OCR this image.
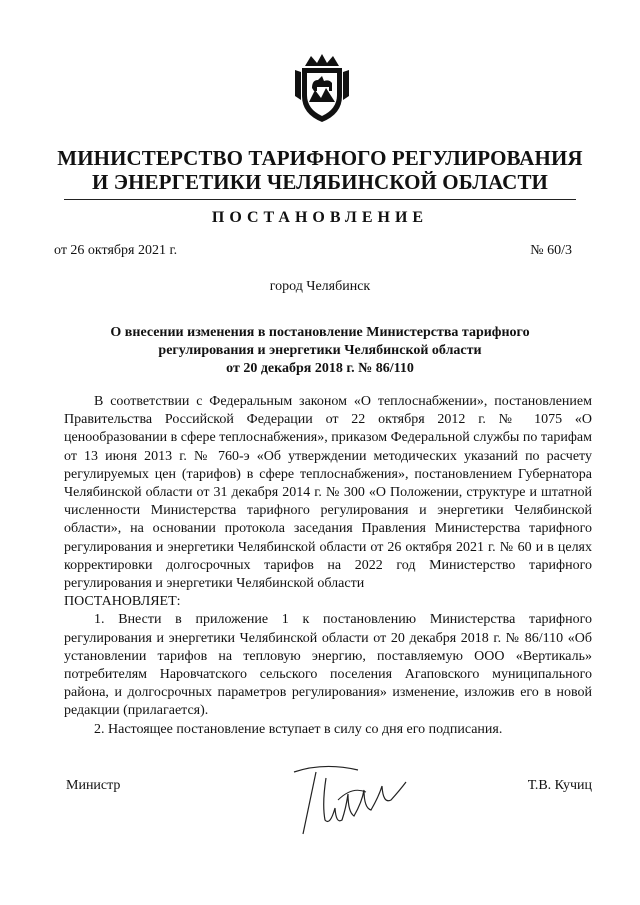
МИНИСТЕРСТВО ТАРИФНОГО РЕГУЛИРОВАНИЯ
И ЭНЕРГЕТИКИ ЧЕЛЯБИНСКОЙ ОБЛАСТИ
ПОСТАНОВЛЕНИЕ
от 26 октября 2021 г.	№ 60/3
город Челябинск
О внесении изменения в постановление Министерства тарифного
регулирования и энергетики Челябинской области
от 20 декабря 2018 г. № 86/110

В соответствии с Федеральным законом «О теплоснабжении», постановлением Правительства Российской Федерации от 22 октября 2012 г. № 1075 «О ценообразовании в сфере теплоснабжения», приказом Федеральной службы по тарифам от 13 июня 2013 г. № 760-э «Об утверждении методических указаний по расчету регулируемых цен (тарифов) в сфере теплоснабжения», постановлением Губернатора Челябинской области от 31 декабря 2014 г. № 300 «О Положении, структуре и штатной численности Министерства тарифного регулирования и энергетики Челябинской области», на основании протокола заседания Правления Министерства тарифного регулирования и энергетики Челябинской области от 26 октября 2021 г. № 60 и в целях корректировки долгосрочных тарифов на 2022 год Министерство тарифного регулирования и энергетики Челябинской области

ПОСТАНОВЛЯЕТ:

1. Внести в приложение 1 к постановлению Министерства тарифного регулирования и энергетики Челябинской области от 20 декабря 2018 г. № 86/110 «Об установлении тарифов на тепловую энергию, поставляемую ООО «Вертикаль» потребителям Наровчатского сельского поселения Агаповского муниципального района, и долгосрочных параметров регулирования» изменение, изложив его в новой редакции (прилагается).

2. Настоящее постановление вступает в силу со дня его подписания.

Министр	Т.В. Кучиц
